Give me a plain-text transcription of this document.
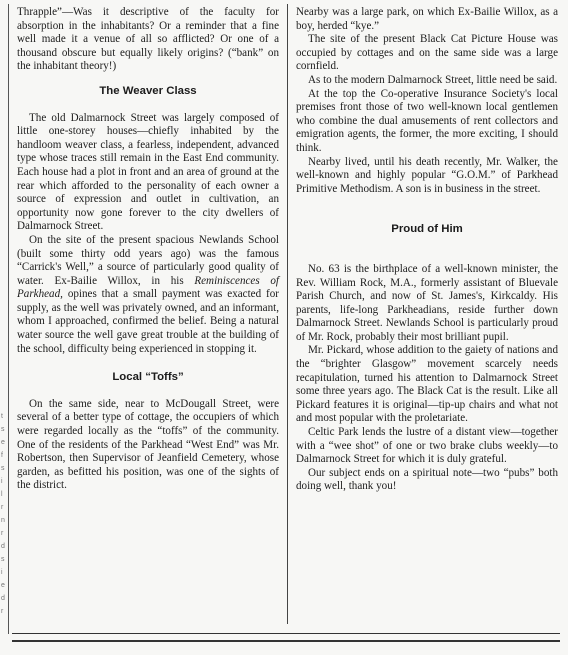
t
s
e
f
s
i
l
r
n
r
d
s
i
e
d
r

Thrapple”—Was it descriptive of the faculty for absorption in the inhabitants? Or a reminder that a fine well made it a venue of all so afflicted? Or one of a thousand obscure but equally likely origins? (“bank” on the inhabitant theory!)

The Weaver Class

The old Dalmarnock Street was largely composed of little one-storey houses—chiefly inhabited by the handloom weaver class, a fearless, independent, advanced type whose traces still remain in the East End community. Each house had a plot in front and an area of ground at the rear which afforded to the personality of each owner a source of expression and outlet in cultivation, an opportunity now gone forever to the city dwellers of Dalmarnock Street.

On the site of the present spacious Newlands School (built some thirty odd years ago) was the famous “Carrick's Well,” a source of particularly good quality of water. Ex-Bailie Willox, in his Reminiscences of Parkhead, opines that a small payment was exacted for supply, as the well was privately owned, and an informant, whom I approached, confirmed the belief. Being a natural water source the well gave great trouble at the building of the school, difficulty being experienced in stopping it.

Local “Toffs”

On the same side, near to McDougall Street, were several of a better type of cottage, the occupiers of which were regarded locally as the “toffs” of the community. One of the residents of the Parkhead “West End” was Mr. Robertson, then Supervisor of Jeanfield Cemetery, whose garden, as befitted his position, was one of the sights of the district.

Nearby was a large park, on which Ex-Bailie Willox, as a boy, herded “kye.”

The site of the present Black Cat Picture House was occupied by cottages and on the same side was a large cornfield.

As to the modern Dalmarnock Street, little need be said.

At the top the Co-operative Insurance Society's local premises front those of two well-known local gentlemen who combine the dual amusements of rent collectors and emigration agents, the former, the more exciting, I should think.

Nearby lived, until his death recently, Mr. Walker, the well-known and highly popular “G.O.M.” of Parkhead Primitive Methodism. A son is in business in the street.

Proud of Him

No. 63 is the birthplace of a well-known minister, the Rev. William Rock, M.A., formerly assistant of Bluevale Parish Church, and now of St. James's, Kirkcaldy. His parents, life-long Parkheadians, reside further down Dalmarnock Street. Newlands School is particularly proud of Mr. Rock, probably their most brilliant pupil.

Mr. Pickard, whose addition to the gaiety of nations and the “brighter Glasgow” movement scarcely needs recapitulation, turned his attention to Dalmarnock Street some three years ago. The Black Cat is the result. Like all Pickard features it is original—tip-up chairs and what not and most popular with the proletariate.

Celtic Park lends the lustre of a distant view—together with a “wee shot” of one or two brake clubs weekly—to Dalmarnock Street for which it is duly grateful.

Our subject ends on a spiritual note—two “pubs” both doing well, thank you!
